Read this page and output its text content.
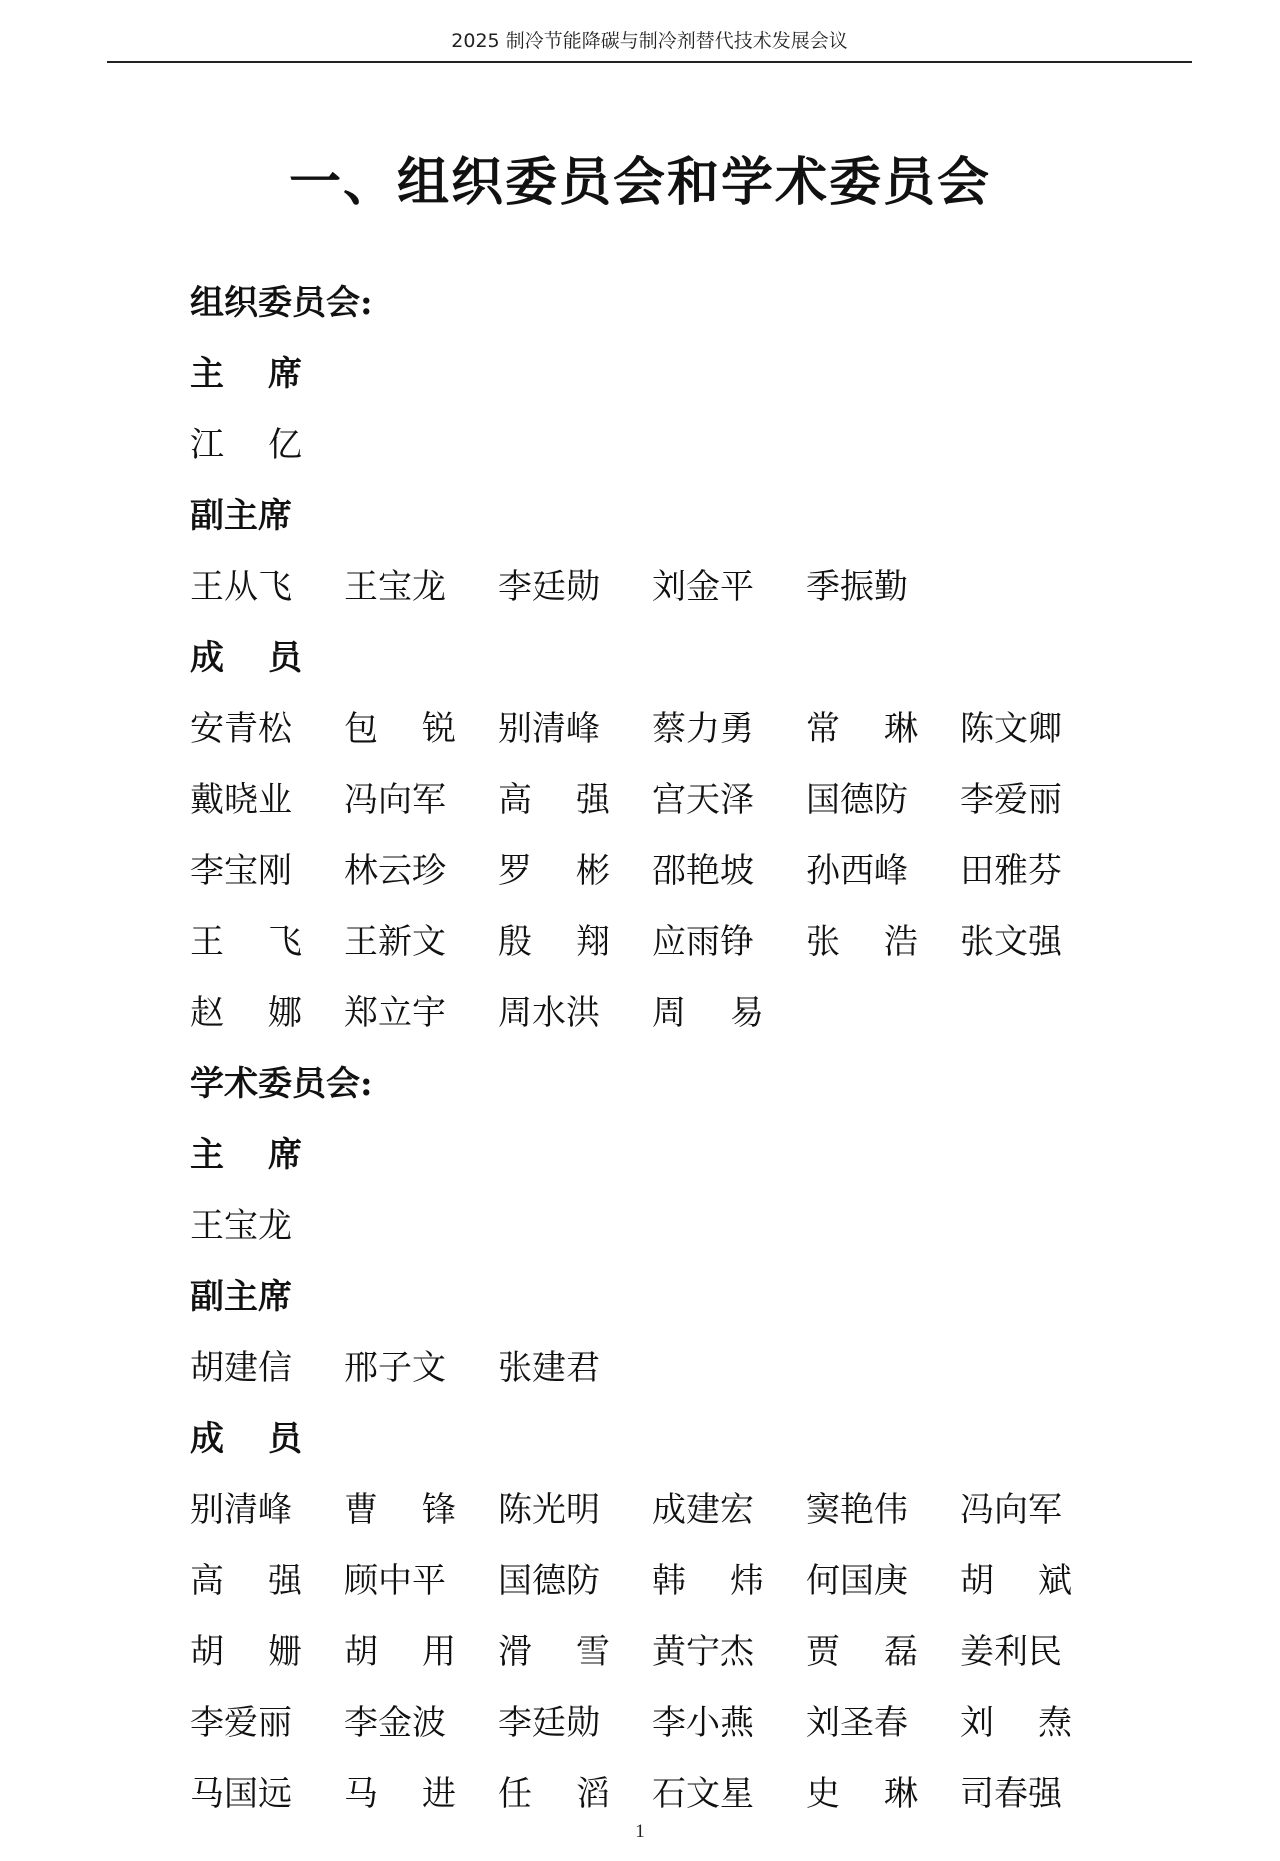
2025 制冷节能降碳与制冷剂替代技术发展会议
一、组织委员会和学术委员会
组织委员会:
主 席
江 亿
副主席
王从飞	王宝龙	李廷勋	刘金平	季振勤
成 员
安青松	包 锐	别清峰	蔡力勇	常 琳	陈文卿
戴晓业	冯向军	高 强	宫天泽	国德防	李爱丽
李宝刚	林云珍	罗 彬	邵艳坡	孙西峰	田雅芬
王 飞	王新文	殷 翔	应雨铮	张 浩	张文强
赵 娜	郑立宇	周水洪	周 易
学术委员会:
主 席
王宝龙
副主席
胡建信	邢子文	张建君
成 员
别清峰	曹 锋	陈光明	成建宏	窦艳伟	冯向军
高 强	顾中平	国德防	韩 炜	何国庚	胡 斌
胡 姗	胡 用	滑 雪	黄宁杰	贾 磊	姜利民
李爱丽	李金波	李廷勋	李小燕	刘圣春	刘 焘
马国远	马 进	任 滔	石文星	史 琳	司春强
1
